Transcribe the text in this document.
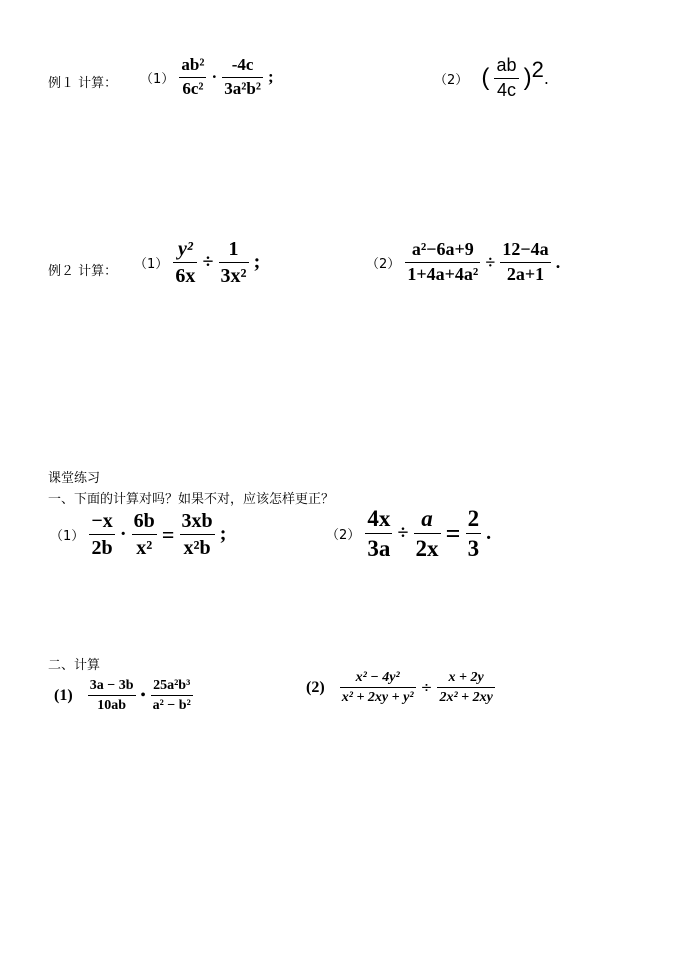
例１ 计算： $(1) \frac{\text{ab²}}{\text{6c²}} \cdot \frac{-4c}{\text{3a²b²}}$ ;	（2） ( $\frac{ab}{4c} )2$.
例２ 计算： $(1) \frac{\text{y²}}{6x} \div \frac{1}{\text{3x²}}$ ;	$(2) \frac{\text{a²−6a+9}}{\text{1+4a+4a²}} \div \frac{12-4a}{2a+1}$ .
课堂练习
一、下面的计算对吗？如果不对，应该怎样更正？
$(1) \frac{-x}{2b} \cdot \frac{6b}{\text{x²}} = \frac{3xb}{\text{x²b}}$ ;	$(2) \frac{4x}{3a} \div \frac{a}{2x} = \frac{2}{3}$ .
二、计算
$(1) \frac{3a - 3b}{10ab}$ • $\frac{\text{25a²b³}}{\text{a² − b²}}$	$(2) \frac{\text{x² − 4y²}}{\text{x² + 2xy + y²}} \div \frac{x + 2y}{\text{2x² + 2xy}}$
